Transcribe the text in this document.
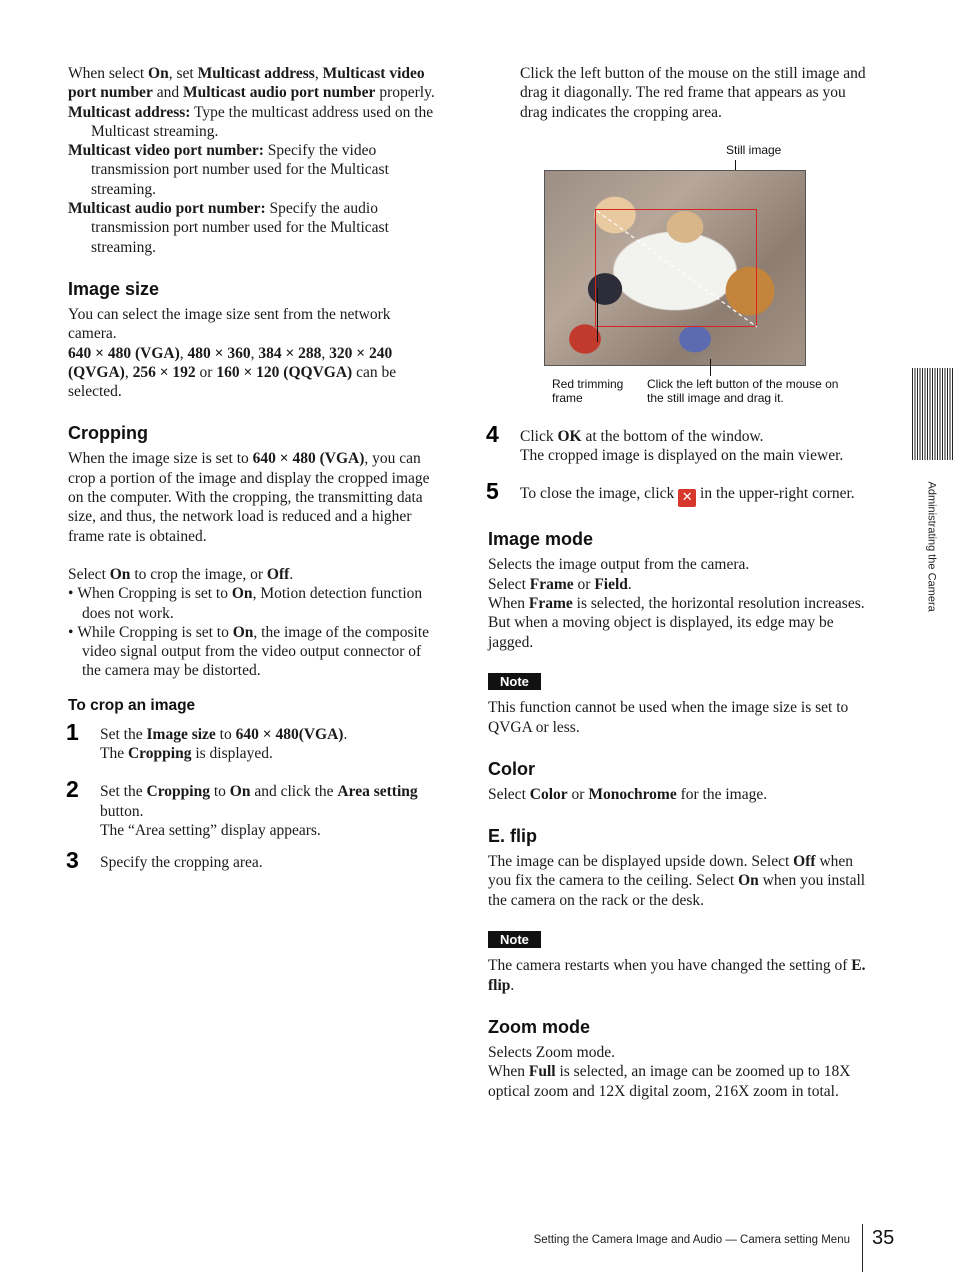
When select On, set Multicast address, Multicast video port number and Multicast audio port number properly.

Multicast address: Type the multicast address used on the Multicast streaming.

Multicast video port number: Specify the video transmission port number used for the Multicast streaming.

Multicast audio port number: Specify the audio transmission port number used for the Multicast streaming.

Image size

You can select the image size sent from the network camera.

640 × 480 (VGA), 480 × 360, 384 × 288, 320 × 240 (QVGA), 256 × 192 or 160 × 120 (QQVGA) can be selected.

Cropping

When the image size is set to 640 × 480 (VGA), you can crop a portion of the image and display the cropped image on the computer. With the cropping, the transmitting data size, and thus, the network load is reduced and a higher frame rate is obtained.

Select On to crop the image, or Off.

• When Cropping is set to On, Motion detection function does not work.

• While Cropping is set to On, the image of the composite video signal output from the video output connector of the camera may be distorted.

To crop an image
1 Set the Image size to 640 × 480(VGA).

The Cropping is displayed.

2 Set the Cropping to On and click the Area setting button.

The “Area setting” display appears.

3 Specify the cropping area.

Click the left button of the mouse on the still image and drag it diagonally. The red frame that appears as you drag indicates the cropping area.

Still image
Red trimming frame
Click the left button of the mouse on the still image and drag it.
4 Click OK at the bottom of the window.

The cropped image is displayed on the main viewer.

5 To close the image, click ✕ in the upper-right corner.

Image mode

Selects the image output from the camera.

Select Frame or Field.

When Frame is selected, the horizontal resolution increases. But when a moving object is displayed, its edge may be jagged.

Note

This function cannot be used when the image size is set to QVGA or less.

Color

Select Color or Monochrome for the image.

E. flip

The image can be displayed upside down. Select Off when you fix the camera to the ceiling. Select On when you install the camera on the rack or the desk.

Note

The camera restarts when you have changed the setting of E. flip.

Zoom mode

Selects Zoom mode.

When Full is selected, an image can be zoomed up to 18X optical zoom and 12X digital zoom, 216X zoom in total.

Administrating the Camera
Setting the Camera Image and Audio — Camera setting Menu 35
